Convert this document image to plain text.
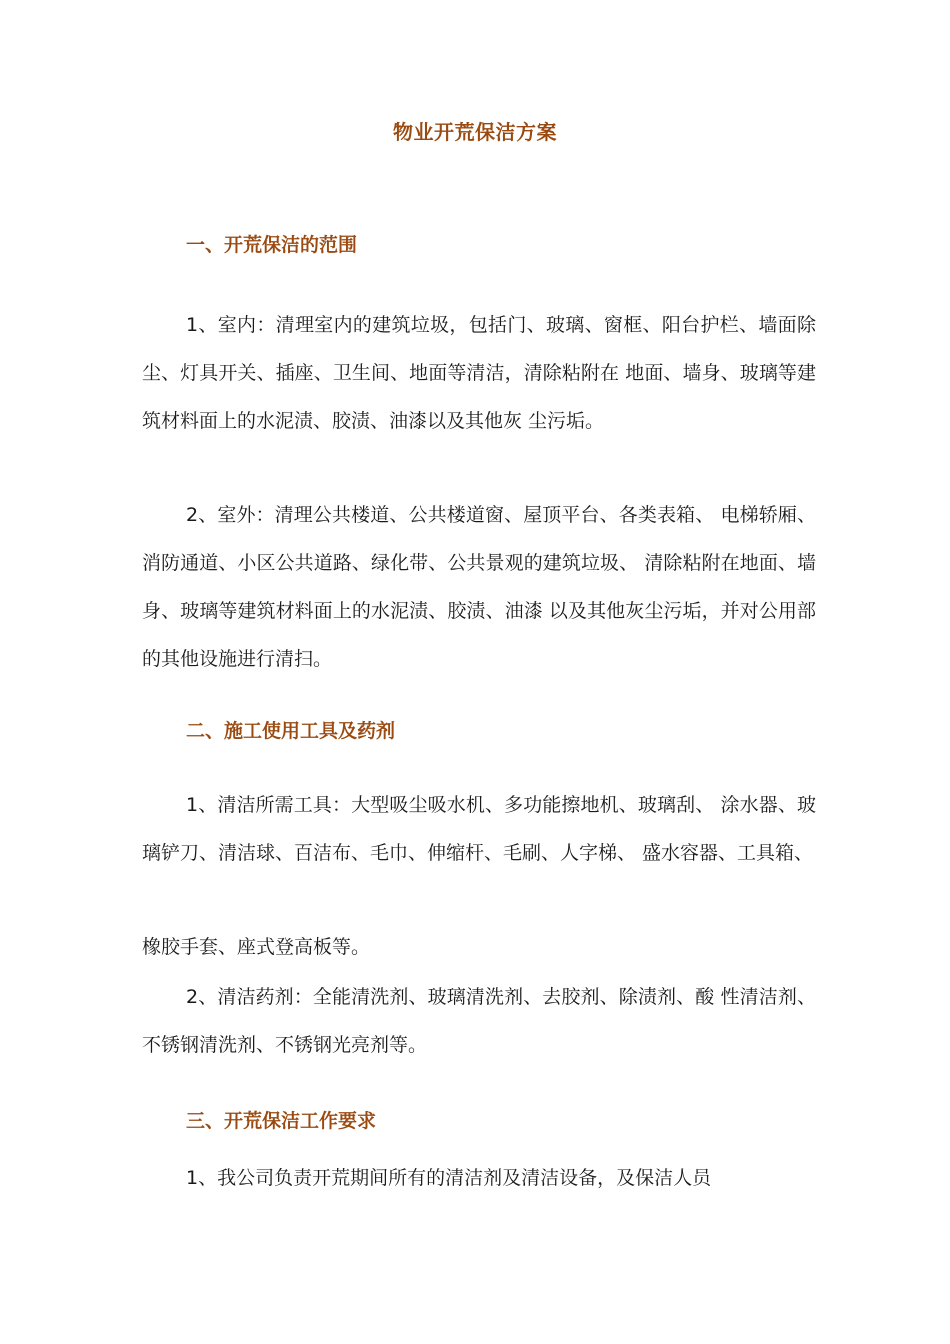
物业开荒保洁方案
一、开荒保洁的范围
1、室内：清理室内的建筑垃圾，包括门、玻璃、窗框、阳台护栏、墙面除尘、灯具开关、插座、卫生间、地面等清洁，清除粘附在 地面、墙身、玻璃等建筑材料面上的水泥渍、胶渍、油漆以及其他灰 尘污垢。
2、室外：清理公共楼道、公共楼道窗、屋顶平台、各类表箱、 电梯轿厢、消防通道、小区公共道路、绿化带、公共景观的建筑垃圾、 清除粘附在地面、墙身、玻璃等建筑材料面上的水泥渍、胶渍、油漆 以及其他灰尘污垢，并对公用部的其他设施进行清扫。
二、施工使用工具及药剂
1、清洁所需工具：大型吸尘吸水机、多功能擦地机、玻璃刮、 涂水器、玻璃铲刀、清洁球、百洁布、毛巾、伸缩杆、毛刷、人字梯、 盛水容器、工具箱、
橡胶手套、座式登高板等。
2、清洁药剂：全能清洗剂、玻璃清洗剂、去胶剂、除渍剂、酸 性清洁剂、不锈钢清洗剂、不锈钢光亮剂等。
三、开荒保洁工作要求
1、我公司负责开荒期间所有的清洁剂及清洁设备，及保洁人员
